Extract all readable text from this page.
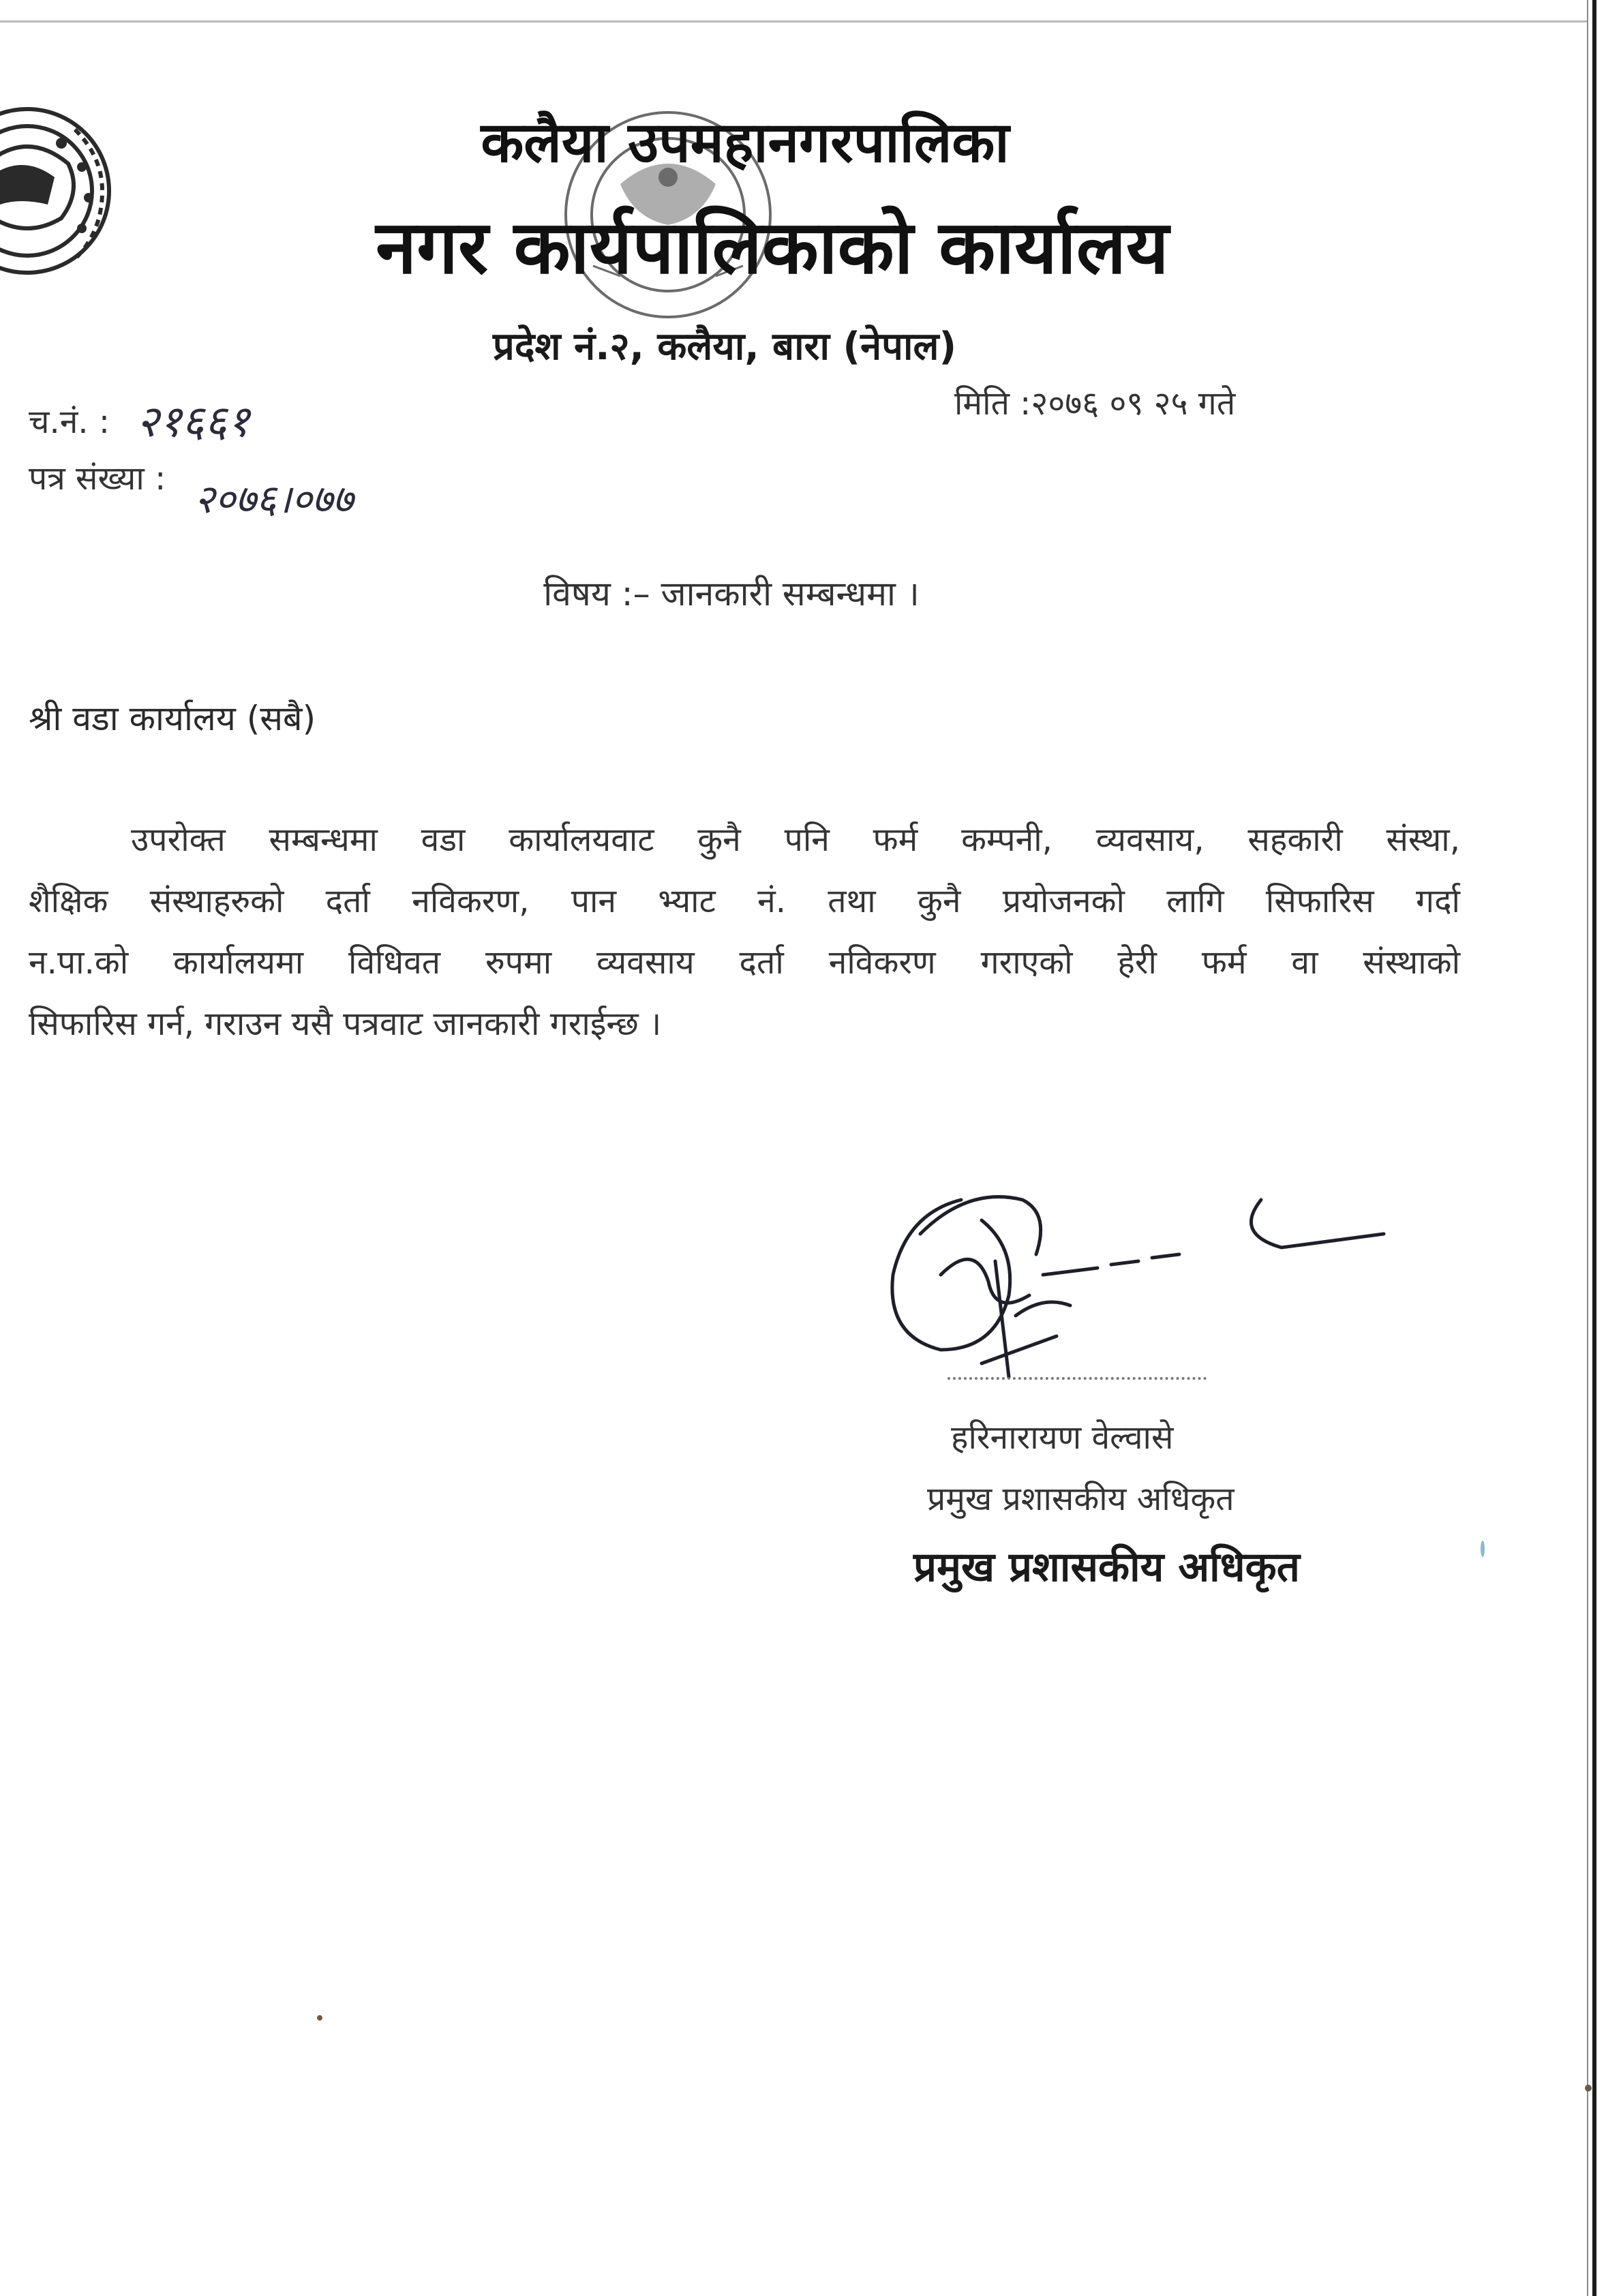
कलैया उपमहानगरपालिका
नगर कार्यपालिकाको कार्यालय
प्रदेश नं.२, कलैया, बारा (नेपाल)
च.नं. : २१६६१
पत्र संख्या : २०७६।०७७
मिति :२०७६ ०९ २५ गते
विषय :– जानकारी सम्बन्धमा ।
श्री वडा कार्यालय (सबै)
उपरोक्त सम्बन्धमा वडा कार्यालयवाट कुनै पनि फर्म कम्पनी, व्यवसाय, सहकारी संस्था,
शैक्षिक संस्थाहरुको दर्ता नविकरण, पान भ्याट नं. तथा कुनै प्रयोजनको लागि सिफारिस गर्दा
न.पा.को कार्यालयमा विधिवत रुपमा व्यवसाय दर्ता नविकरण गराएको हेरी फर्म वा संस्थाको
सिफारिस गर्न, गराउन यसै पत्रवाट जानकारी गराईन्छ ।
हरिनारायण वेल्वासे
प्रमुख प्रशासकीय अधिकृत
प्रमुख प्रशासकीय अधिकृत
